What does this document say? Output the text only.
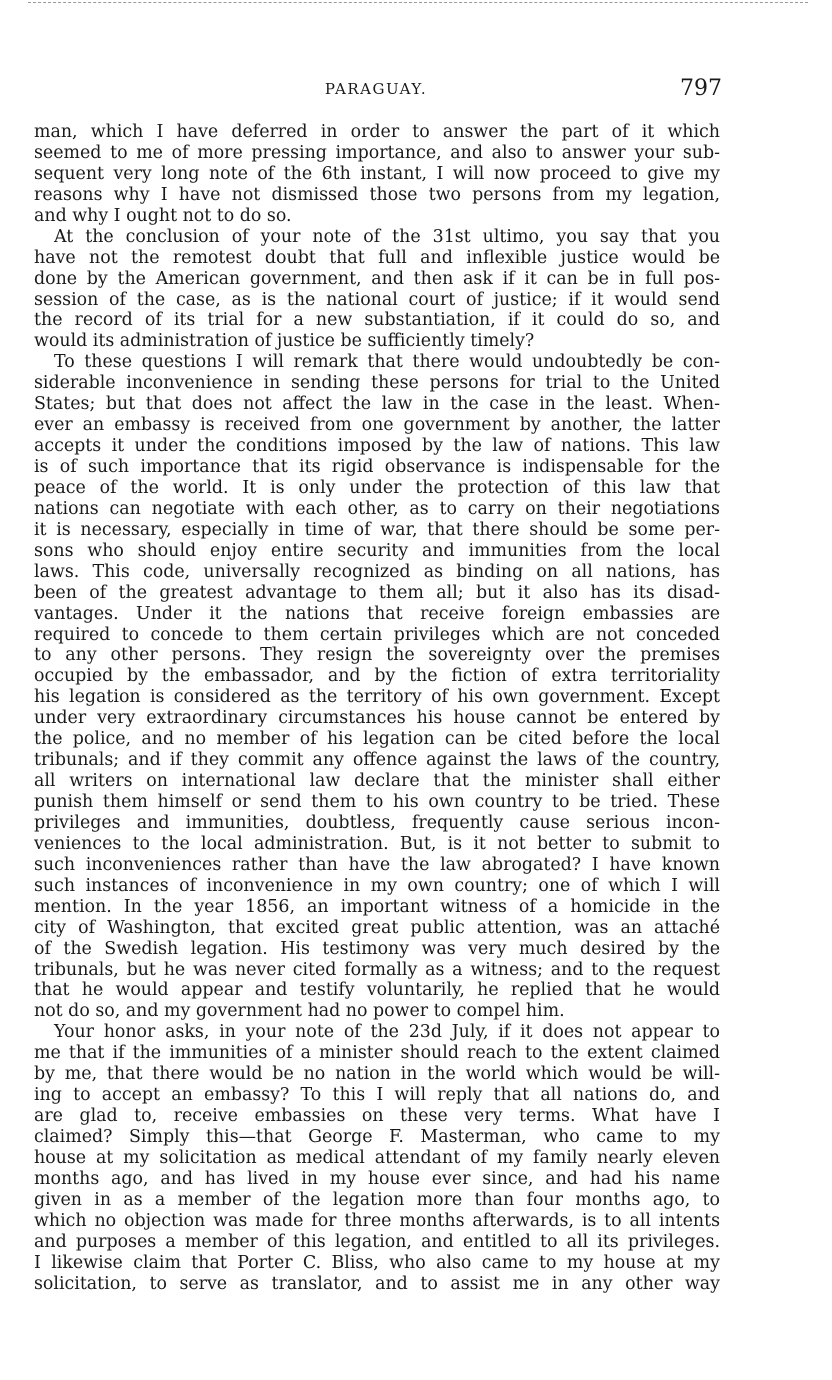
PARAGUAY.	797
man, which I have deferred in order to answer the part of it which
seemed to me of more pressing importance, and also to answer your sub-
sequent very long note of the 6th instant, I will now proceed to give my
reasons why I have not dismissed those two persons from my legation,
and why I ought not to do so.
At the conclusion of your note of the 31st ultimo, you say that you
have not the remotest doubt that full and inflexible justice would be
done by the American government, and then ask if it can be in full pos-
session of the case, as is the national court of justice; if it would send
the record of its trial for a new substantiation, if it could do so, and
would its administration of justice be sufficiently timely?
To these questions I will remark that there would undoubtedly be con-
siderable inconvenience in sending these persons for trial to the United
States; but that does not affect the law in the case in the least. When-
ever an embassy is received from one government by another, the latter
accepts it under the conditions imposed by the law of nations. This law
is of such importance that its rigid observance is indispensable for the
peace of the world. It is only under the protection of this law that
nations can negotiate with each other, as to carry on their negotiations
it is necessary, especially in time of war, that there should be some per-
sons who should enjoy entire security and immunities from the local
laws. This code, universally recognized as binding on all nations, has
been of the greatest advantage to them all; but it also has its disad-
vantages. Under it the nations that receive foreign embassies are
required to concede to them certain privileges which are not conceded
to any other persons. They resign the sovereignty over the premises
occupied by the embassador, and by the fiction of extra territoriality
his legation is considered as the territory of his own government. Except
under very extraordinary circumstances his house cannot be entered by
the police, and no member of his legation can be cited before the local
tribunals; and if they commit any offence against the laws of the country,
all writers on international law declare that the minister shall either
punish them himself or send them to his own country to be tried. These
privileges and immunities, doubtless, frequently cause serious incon-
veniences to the local administration. But, is it not better to submit to
such inconveniences rather than have the law abrogated? I have known
such instances of inconvenience in my own country; one of which I will
mention. In the year 1856, an important witness of a homicide in the
city of Washington, that excited great public attention, was an attaché
of the Swedish legation. His testimony was very much desired by the
tribunals, but he was never cited formally as a witness; and to the request
that he would appear and testify voluntarily, he replied that he would
not do so, and my government had no power to compel him.
Your honor asks, in your note of the 23d July, if it does not appear to
me that if the immunities of a minister should reach to the extent claimed
by me, that there would be no nation in the world which would be will-
ing to accept an embassy? To this I will reply that all nations do, and
are glad to, receive embassies on these very terms. What have I
claimed? Simply this—that George F. Masterman, who came to my
house at my solicitation as medical attendant of my family nearly eleven
months ago, and has lived in my house ever since, and had his name
given in as a member of the legation more than four months ago, to
which no objection was made for three months afterwards, is to all intents
and purposes a member of this legation, and entitled to all its privileges.
I likewise claim that Porter C. Bliss, who also came to my house at my
solicitation, to serve as translator, and to assist me in any other way
